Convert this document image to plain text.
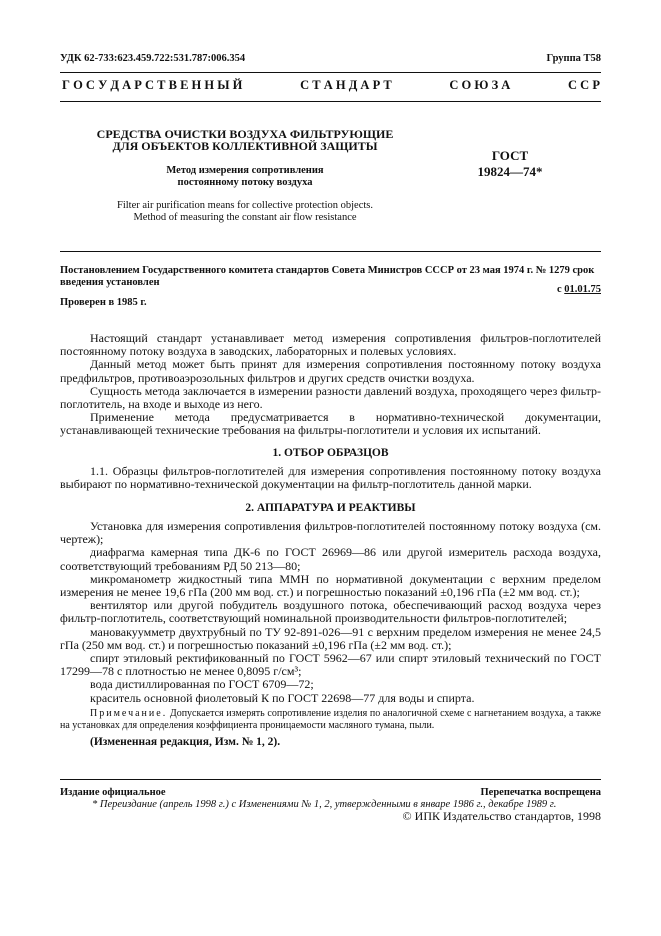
УДК 62-733:623.459.722:531.787:006.354	Группа Т58
Г О С У Д А Р С Т В Е Н Н Ы Й	С Т А Н Д А Р Т	С О Ю З А	С С Р
СРЕДСТВА ОЧИСТКИ ВОЗДУХА ФИЛЬТРУЮЩИЕ
ДЛЯ ОБЪЕКТОВ КОЛЛЕКТИВНОЙ ЗАЩИТЫ
Метод измерения сопротивления
постоянному потоку воздуха
Filter air purification means for collective protection objects.
Method of measuring the constant air flow resistance
ГОСТ
19824—74*
Постановлением Государственного комитета стандартов Совета Министров СССР от 23 мая 1974 г. № 1279 срок введения установлен
с 01.01.75
Проверен в 1985 г.

Настоящий стандарт устанавливает метод измерения сопротивления фильтров-поглотителей постоянному потоку воздуха в заводских, лабораторных и полевых условиях.

Данный метод может быть принят для измерения сопротивления постоянному потоку воздуха предфильтров, противоаэрозольных фильтров и других средств очистки воздуха.

Сущность метода заключается в измерении разности давлений воздуха, проходящего через фильтр-поглотитель, на входе и выходе из него.

Применение метода предусматривается в нормативно-технической документации, устанавливающей технические требования на фильтры-поглотители и условия их испытаний.

1. ОТБОР ОБРАЗЦОВ

1.1. Образцы фильтров-поглотителей для измерения сопротивления постоянному потоку воздуха выбирают по нормативно-технической документации на фильтр-поглотитель данной марки.

2. АППАРАТУРА И РЕАКТИВЫ

Установка для измерения сопротивления фильтров-поглотителей постоянному потоку воздуха (см. чертеж);

диафрагма камерная типа ДК-6 по ГОСТ 26969—86 или другой измеритель расхода воздуха, соответствующий требованиям РД 50 213—80;

микроманометр жидкостный типа ММН по нормативной документации с верхним пределом измерения не менее 19,6 гПа (200 мм вод. ст.) и погрешностью показаний ±0,196 гПа (±2 мм вод. ст.);

вентилятор или другой побудитель воздушного потока, обеспечивающий расход воздуха через фильтр-поглотитель, соответствующий номинальной производительности фильтров-поглотителей;

мановакуумметр двухтрубный по ТУ 92-891-026—91 с верхним пределом измерения не менее 24,5 гПа (250 мм вод. ст.) и погрешностью показаний ±0,196 гПа (±2 мм вод. ст.);

спирт этиловый ректификованный по ГОСТ 5962—67 или спирт этиловый технический по ГОСТ 17299—78 с плотностью не менее 0,8095 г/см³;

вода дистиллированная по ГОСТ 6709—72;

краситель основной фиолетовый К по ГОСТ 22698—77 для воды и спирта.

Примечание. Допускается измерять сопротивление изделия по аналогичной схеме с нагнетанием воздуха, а также на установках для определения коэффициента проницаемости масляного тумана, пыли.
(Измененная редакция, Изм. № 1, 2).
Издание официальное	Перепечатка воспрещена
* Переиздание (апрель 1998 г.) с Изменениями № 1, 2, утвержденными в январе 1986 г., декабре 1989 г.
© ИПК Издательство стандартов, 1998
